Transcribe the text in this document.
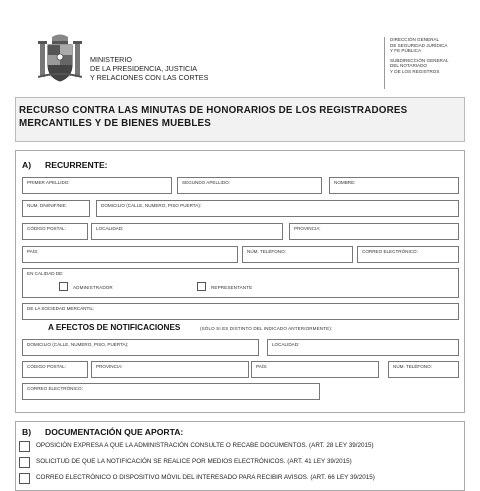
MINISTERIO
DE LA PRESIDENCIA, JUSTICIA
Y RELACIONES CON LAS CORTES
DIRECCIÓN GENERAL
DE SEGURIDAD JURÍDICA
Y FE PÚBLICA
SUBDIRECCIÓN GENERAL
DEL NOTARIADO
Y DE LOS REGISTROS
RECURSO CONTRA LAS MINUTAS DE HONORARIOS DE LOS REGISTRADORES
MERCANTILES Y DE BIENES MUEBLES
A) RECURRENTE:
PRIMER APELLIDO:	SEGUNDO APELLIDO:	NOMBRE:
NUM. DNI/NIF/NIE:	DOMICILIO (CALLE, NUMERO, PISO PUERTA):
CÓDIGO POSTAL:	LOCALIDAD:	PROVINCIA:
PAÍS:	NÚM. TELÉFONO:	CORREO ELECTRÓNICO:
EN CALIDAD DE:
ADMINISTRADOR	REPRESENTANTE
DE LA SOCIEDAD MERCANTIL:
A EFECTOS DE NOTIFICACIONES	(SÓLO SI ES DISTINTO DEL INDICADO ANTERIORMENTE):
DOMICILIO (CALLE, NUMERO, PISO, PUERTA):	LOCALIDAD:
CÓDIGO POSTAL:	PROVINCIA:	PAÍS:	NÚM. TELÉFONO:
CORREO ELECTRÓNICO:
B) DOCUMENTACIÓN QUE APORTA:
OPOSICIÓN EXPRESA A QUE LA ADMINISTRACIÓN CONSULTE O RECABE DOCUMENTOS. (ART. 28 LEY 39/2015)
SOLICITUD DE QUE LA NOTIFICACIÓN SE REALICE POR MEDIOS ELECTRÓNICOS. (ART. 41 LEY 39/2015)
CORREO ELECTRÓNICO O DISPOSITIVO MÓVIL DEL INTERESADO PARA RECIBIR AVISOS. (ART. 66 LEY 39/2015)
